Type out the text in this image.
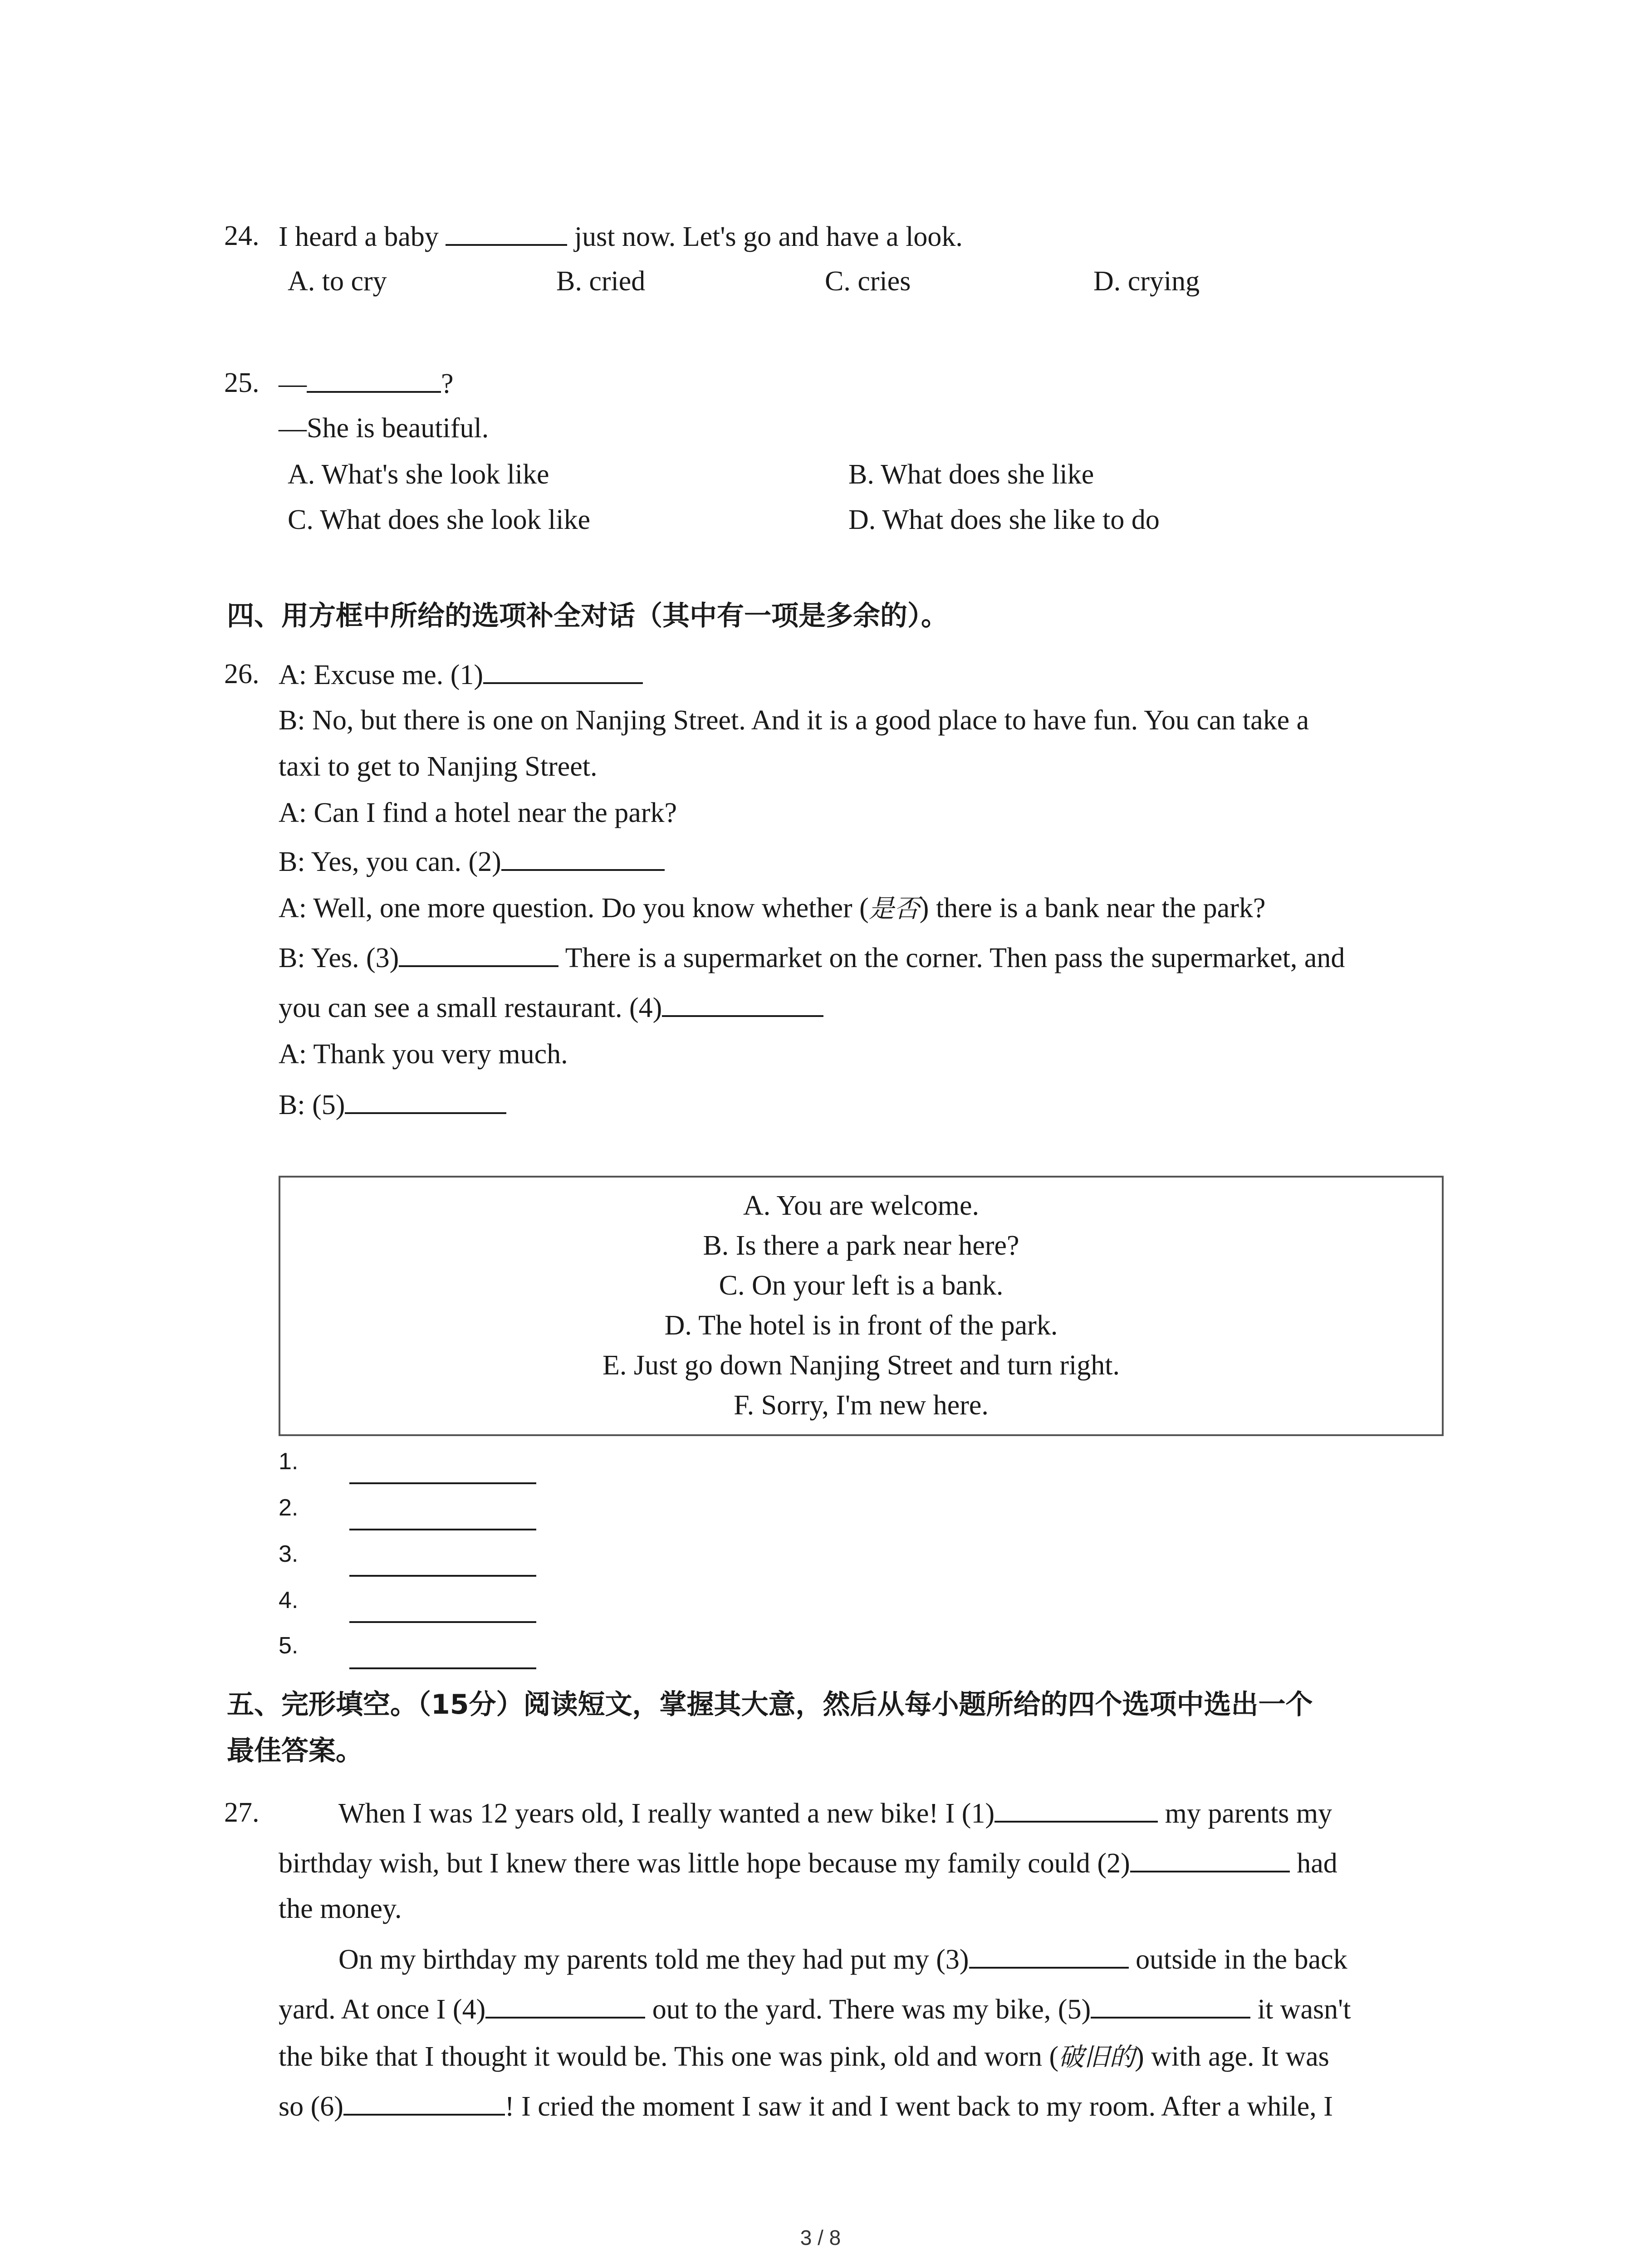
24. I heard a baby	just now. Let's go and have a look.
A. to cry	B. cried	C. cries	D. crying
25. —	?
—She is beautiful.
A. What's she look like	B. What does she like
C. What does she look like	D. What does she like to do
四、用方框中所给的选项补全对话（其中有一项是多余的）。
26. A: Excuse me. (1)
B: No, but there is one on Nanjing Street. And it is a good place to have fun. You can take a
taxi to get to Nanjing Street.
A: Can I find a hotel near the park?
B: Yes, you can. (2)
A: Well, one more question. Do you know whether (是否) there is a bank near the park?
B: Yes. (3)	There is a supermarket on the corner. Then pass the supermarket, and
you can see a small restaurant. (4)
A: Thank you very much.
B: (5)
A. You are welcome.
B. Is there a park near here?
C. On your left is a bank.
D. The hotel is in front of the park.
E. Just go down Nanjing Street and turn right.
F. Sorry, I'm new here.
1.
2.
3.
4.
5.
五、完形填空。（15分）阅读短文，掌握其大意，然后从每小题所给的四个选项中选出一个
最佳答案。
27.	When I was 12 years old, I really wanted a new bike! I (1)	my parents my
birthday wish, but I knew there was little hope because my family could (2)	had
the money.
On my birthday my parents told me they had put my (3)	outside in the back
yard. At once I (4)	out to the yard. There was my bike, (5)	it wasn't
the bike that I thought it would be. This one was pink, old and worn (破旧的) with age. It was
so (6)	! I cried the moment I saw it and I went back to my room. After a while, I
3 / 8
